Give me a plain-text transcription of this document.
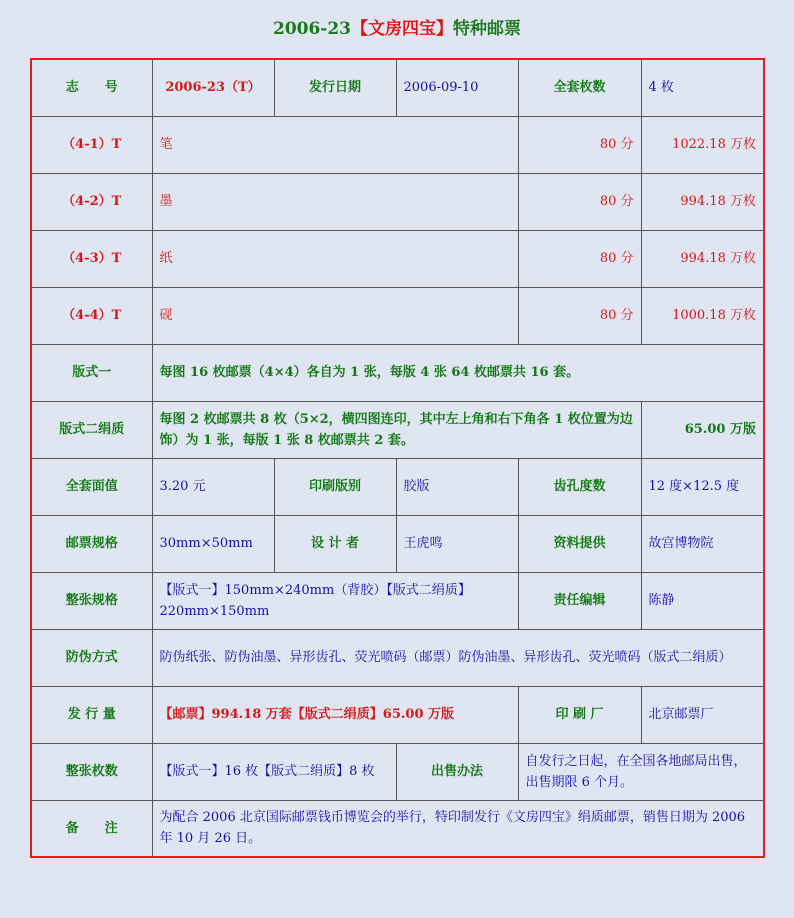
2006-23【文房四宝】特种邮票
志　　号	2006-23（T）	发行日期	2006-09-10	全套枚数	4 枚
（4-1）T	笔			80 分	1022.18 万枚
（4-2）T	墨			80 分	994.18 万枚
（4-3）T	纸			80 分	994.18 万枚
（4-4）T	砚			80 分	1000.18 万枚
版式一	每图 16 枚邮票（4×4）各自为 1 张，每版 4 张 64 枚邮票共 16 套。				
版式二绢质	每图 2 枚邮票共 8 枚（5×2，横四图连印，其中左上角和右下角各 1 枚位置为边饰）为 1 张，每版 1 张 8 枚邮票共 2 套。				65.00 万版
全套面值	3.20 元	印刷版别	胶版	齿孔度数	12 度×12.5 度
邮票规格	30mm×50mm	设 计 者	王虎鸣	资料提供	故宫博物院
整张规格	【版式一】150mm×240mm（背胶）【版式二绢质】220mm×150mm			责任编辑	陈静
防伪方式	防伪纸张、防伪油墨、异形齿孔、荧光喷码（邮票）防伪油墨、异形齿孔、荧光喷码（版式二绢质）				
发 行 量	【邮票】994.18 万套【版式二绢质】65.00 万版			印 刷 厂	北京邮票厂
整张枚数	【版式一】16 枚【版式二绢质】8 枚		出售办法	自发行之日起，在全国各地邮局出售，出售期限 6 个月。	
备　　注	为配合 2006 北京国际邮票钱币博览会的举行，特印制发行《文房四宝》绢质邮票，销售日期为 2006 年 10 月 26 日。				
